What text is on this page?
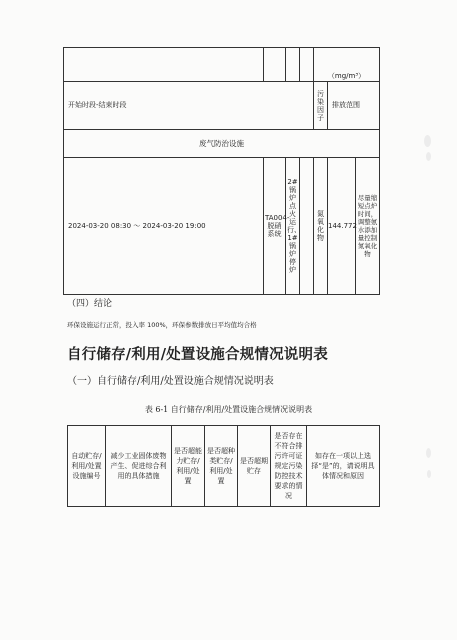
				（mg/m³）		
开始时段-结束时段				污染因子	排放范围	
废气防治设施						
2024-03-20 08:30 ～ 2024-03-20 19:00	TA004-脱硝系统	2#锅炉点火运行、1#锅炉停炉		氮氧化物	144.772	尽量缩短点炉时间，调整氨水添加量控制氮氧化物
（四）结论
环保设施运行正常，投入率 100%，环保参数排放日平均值均合格
自行储存/利用/处置设施合规情况说明表
（一）自行储存/利用/处置设施合规情况说明表
表 6-1 自行储存/利用/处置设施合规情况说明表
自动贮存/利用/处置设施编号	减少工业固体废物产生、促进综合利用的具体措施	是否超能力贮存/利用/处置	是否超种类贮存/利用/处置	是否超期贮存	是否存在不符合排污许可证规定污染防控技术要求的情况	如存在一项以上选择“是”的，请说明具体情况和原因
